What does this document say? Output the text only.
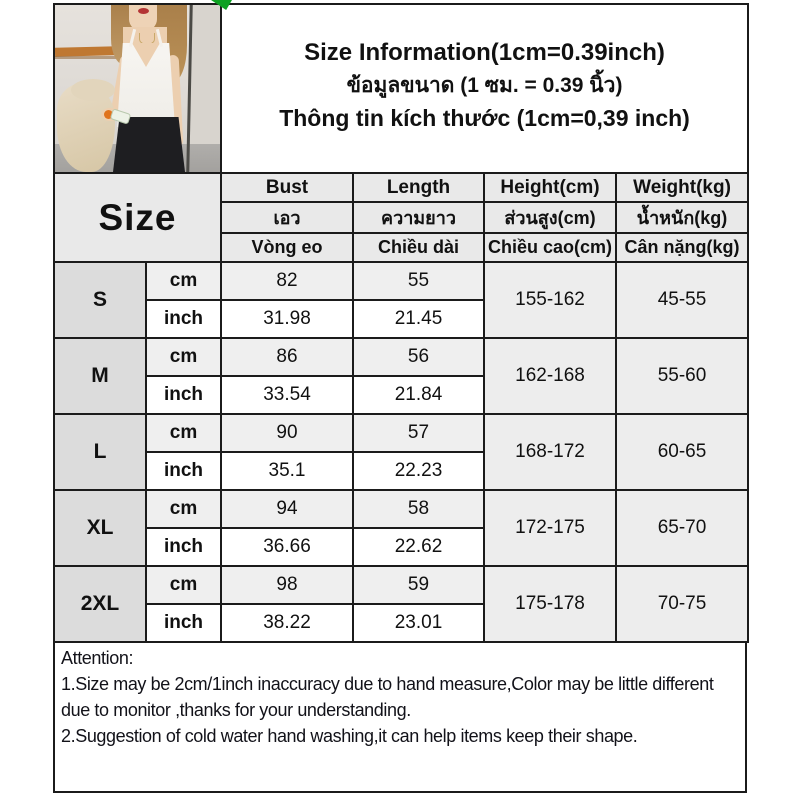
		Size Information(1cm=0.39inch)
ข้อมูลขนาด (1 ซม. = 0.39 นิ้ว)
Thông tin kích thước (1cm=0,39 inch)			

Size		Bust	Length	Height(cm)	Weight(kg)
		เอว	ความยาว	ส่วนสูง(cm)	น้ำหนัก(kg)
		Vòng eo	Chiều dài	Chiều cao(cm)	Cân nặng(kg)
S	cm	82	55	155-162	45-55
	inch	31.98	21.45		
M	cm	86	56	162-168	55-60
	inch	33.54	21.84		
L	cm	90	57	168-172	60-65
	inch	35.1	22.23		
XL	cm	94	58	172-175	65-70
	inch	36.66	22.62		
2XL	cm	98	59	175-178	70-75
	inch	38.22	23.01		

Attention:

1.Size may be 2cm/1inch inaccuracy due to hand measure,Color may be little different due to monitor ,thanks for your understanding.

2.Suggestion of cold water hand washing,it can help items keep their shape.
